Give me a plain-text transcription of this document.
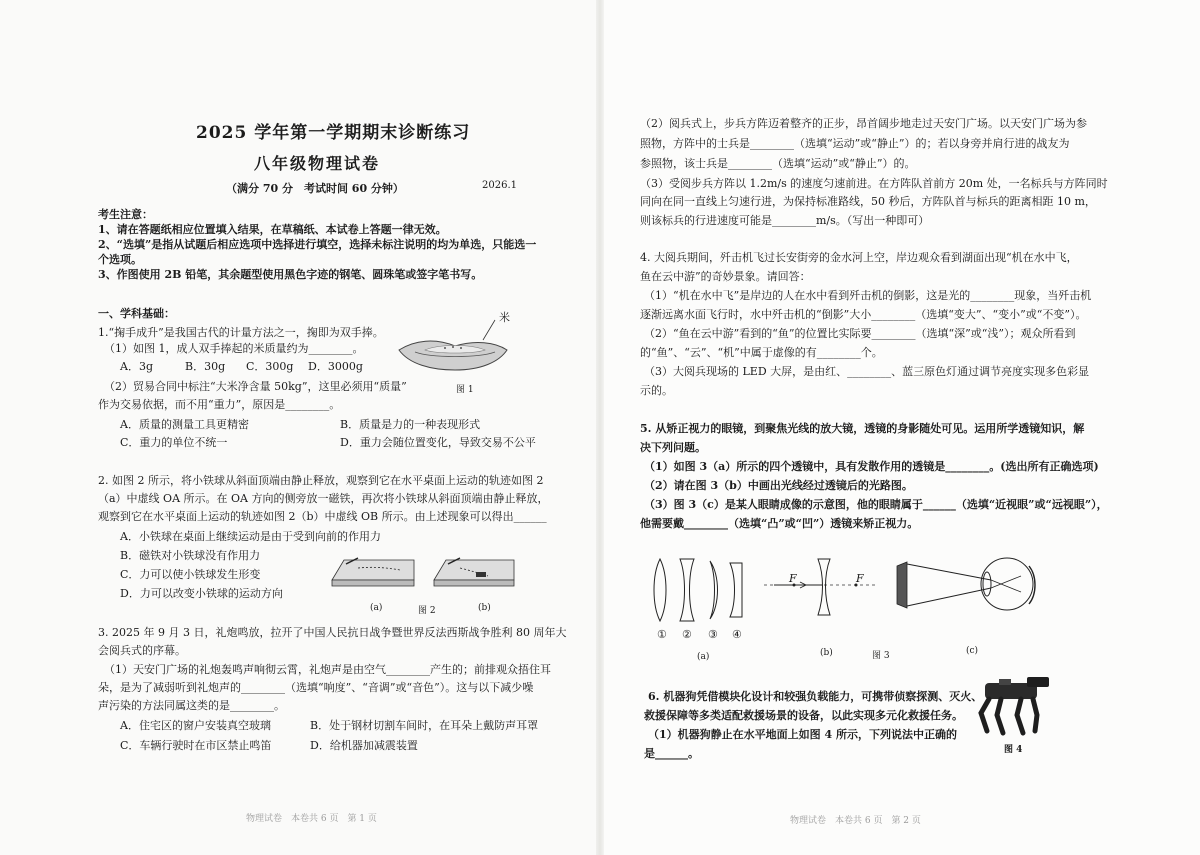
2025 学年第一学期期末诊断练习
八年级物理试卷
（满分 70 分　考试时间 60 分钟）	2026.1
考生注意：
1、请在答题纸相应位置填入结果，在草稿纸、本试卷上答题一律无效。
2、“选填”是指从试题后相应选项中选择进行填空，选择未标注说明的均为单选，只能选一
个选项。
3、作图使用 2B 铅笔，其余题型使用黑色字迹的钢笔、圆珠笔或签字笔书写。
一、学科基础：
1.“掬手成升”是我国古代的计量方法之一，掬即为双手捧。
（1）如图 1，成人双手捧起的米质量约为________。
A．3g	B．30g C．300g D．3000g
（2）贸易合同中标注“大米净含量 50kg”，这里必须用“质量”
作为交易依据，而不用“重力”，原因是________。
A．质量的测量工具更精密	B．质量是力的一种表现形式
C．重力的单位不统一	D．重力会随位置变化，导致交易不公平
米
图 1
2. 如图 2 所示，将小铁球从斜面顶端由静止释放，观察到它在水平桌面上运动的轨迹如图 2
（a）中虚线 OA 所示。在 OA 方向的侧旁放一磁铁，再次将小铁球从斜面顶端由静止释放，
观察到它在水平桌面上运动的轨迹如图 2（b）中虚线 OB 所示。由上述现象可以得出______
A．小铁球在桌面上继续运动是由于受到向前的作用力
B．磁铁对小铁球没有作用力
C．力可以使小铁球发生形变
D．力可以改变小铁球的运动方向
(a)	图 2	(b)
3. 2025 年 9 月 3 日，礼炮鸣放，拉开了中国人民抗日战争暨世界反法西斯战争胜利 80 周年大
会阅兵式的序幕。
（1）天安门广场的礼炮轰鸣声响彻云霄，礼炮声是由空气________产生的；前排观众捂住耳
朵，是为了减弱听到礼炮声的________（选填“响度”、“音调”或“音色”）。这与以下减少噪
声污染的方法同属这类的是________。
A．住宅区的窗户安装真空玻璃	B．处于钢材切割车间时，在耳朵上戴防声耳罩
C．车辆行驶时在市区禁止鸣笛	D．给机器加减震装置
物理试卷　本卷共 6 页　第 1 页
（2）阅兵式上，步兵方阵迈着整齐的正步，昂首阔步地走过天安门广场。以天安门广场为参
照物，方阵中的士兵是________（选填“运动”或“静止”）的；若以身旁并肩行进的战友为
参照物，该士兵是________（选填“运动”或“静止”）的。
（3）受阅步兵方阵以 1.2m/s 的速度匀速前进。在方阵队首前方 20m 处，一名标兵与方阵同时
同向在同一直线上匀速行进，为保持标准路线，50 秒后，方阵队首与标兵的距离相距 10 m，
则该标兵的行进速度可能是________m/s。（写出一种即可）
4. 大阅兵期间，歼击机飞过长安街旁的金水河上空，岸边观众看到湖面出现“机在水中飞，
鱼在云中游”的奇妙景象。请回答：
（1）“机在水中飞”是岸边的人在水中看到歼击机的倒影，这是光的________现象，当歼击机
逐渐远离水面飞行时，水中歼击机的“倒影”大小________（选填“变大”、“变小”或“不变”）。
（2）“鱼在云中游”看到的“鱼”的位置比实际要________（选填“深”或“浅”）；观众所看到
的“鱼”、“云”、“机”中属于虚像的有________个。
（3）大阅兵现场的 LED 大屏，是由红、________、蓝三原色灯通过调节亮度实现多色彩显
示的。
5. 从矫正视力的眼镜，到聚焦光线的放大镜，透镜的身影随处可见。运用所学透镜知识，解
决下列问题。
（1）如图 3（a）所示的四个透镜中，具有发散作用的透镜是________。(选出所有正确选项)
（2）请在图 3（b）中画出光线经过透镜后的光路图。
（3）图 3（c）是某人眼睛成像的示意图，他的眼睛属于______（选填“近视眼”或“远视眼”），
他需要戴________（选填“凸”或“凹”）透镜来矫正视力。
① ② ③ ④
(a)
F	F
(b)	图 3	(c)
6. 机器狗凭借模块化设计和较强负载能力，可携带侦察探测、灭火、
救援保障等多类适配救援场景的设备，以此实现多元化救援任务。
（1）机器狗静止在水平地面上如图 4 所示，下列说法中正确的
是______。	图 4
物理试卷　本卷共 6 页　第 2 页
